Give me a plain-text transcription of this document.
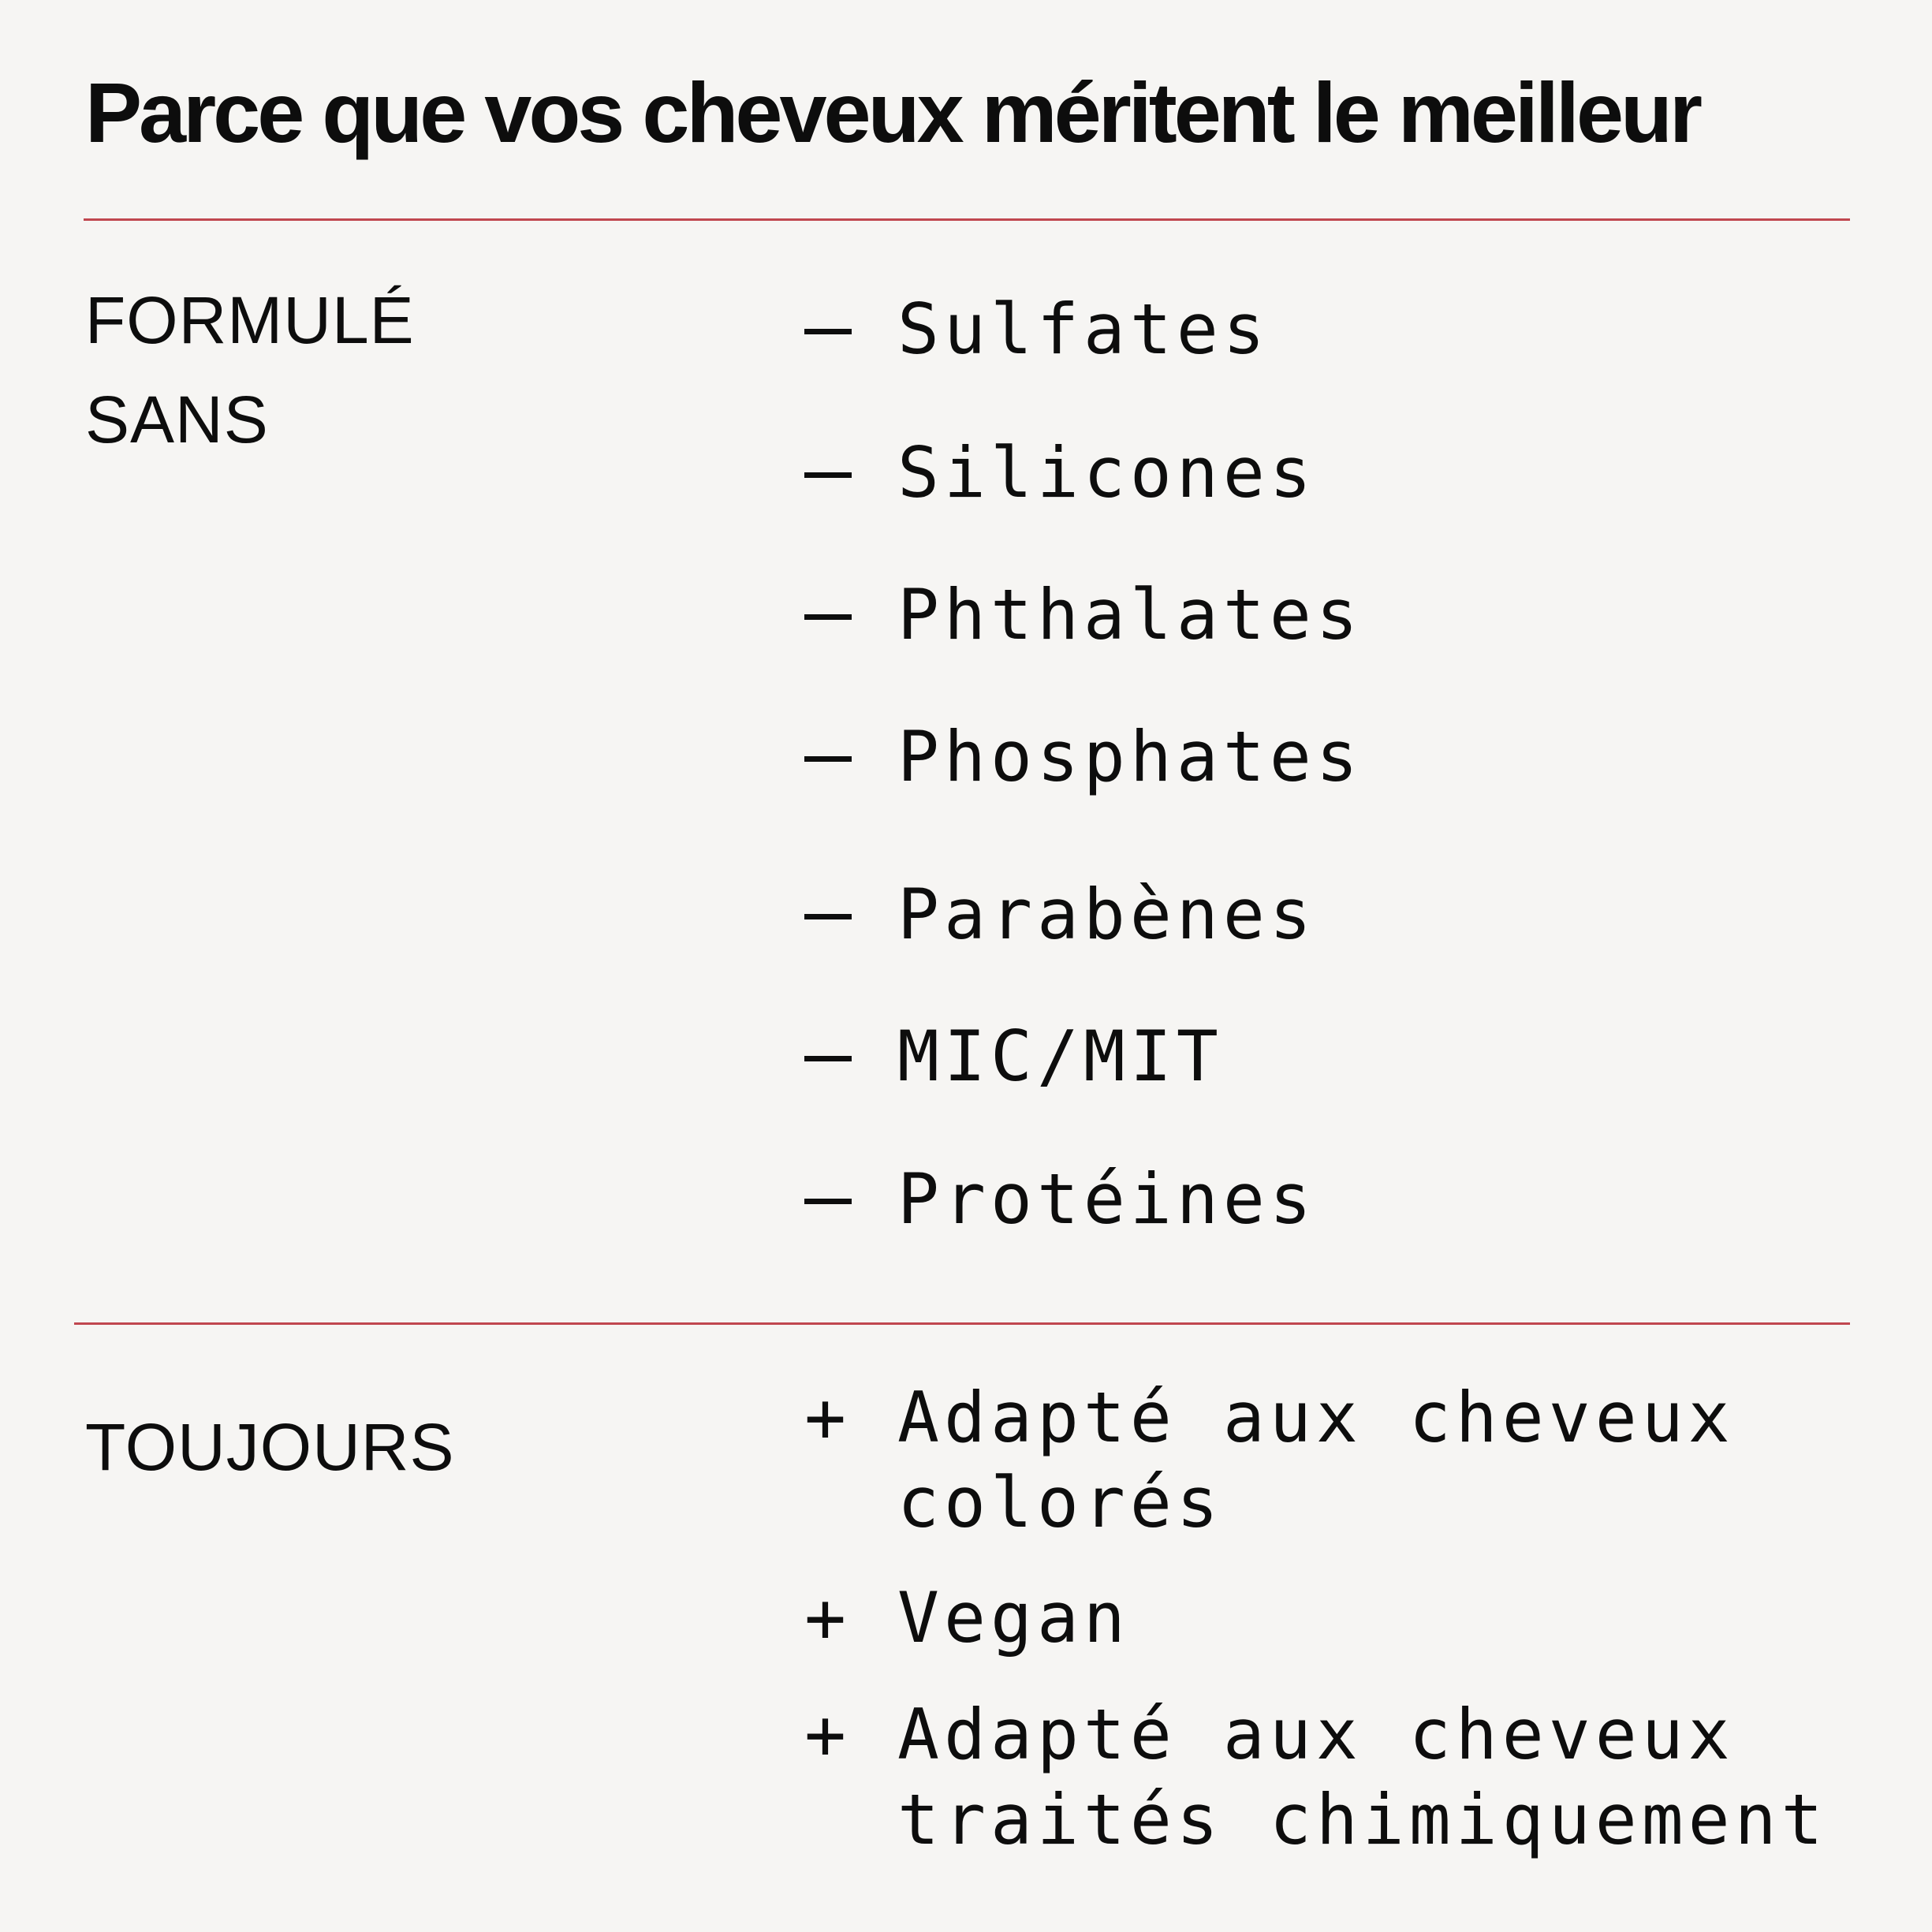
Parce que vos cheveux méritent le meilleur
FORMULÉ
SANS
Sulfates
Silicones
Phthalates
Phosphates
Parabènes
MIC/MIT
Protéines
TOUJOURS	+ Adapté aux cheveux
colorés
+ Vegan
+ Adapté aux cheveux
traités chimiquement
